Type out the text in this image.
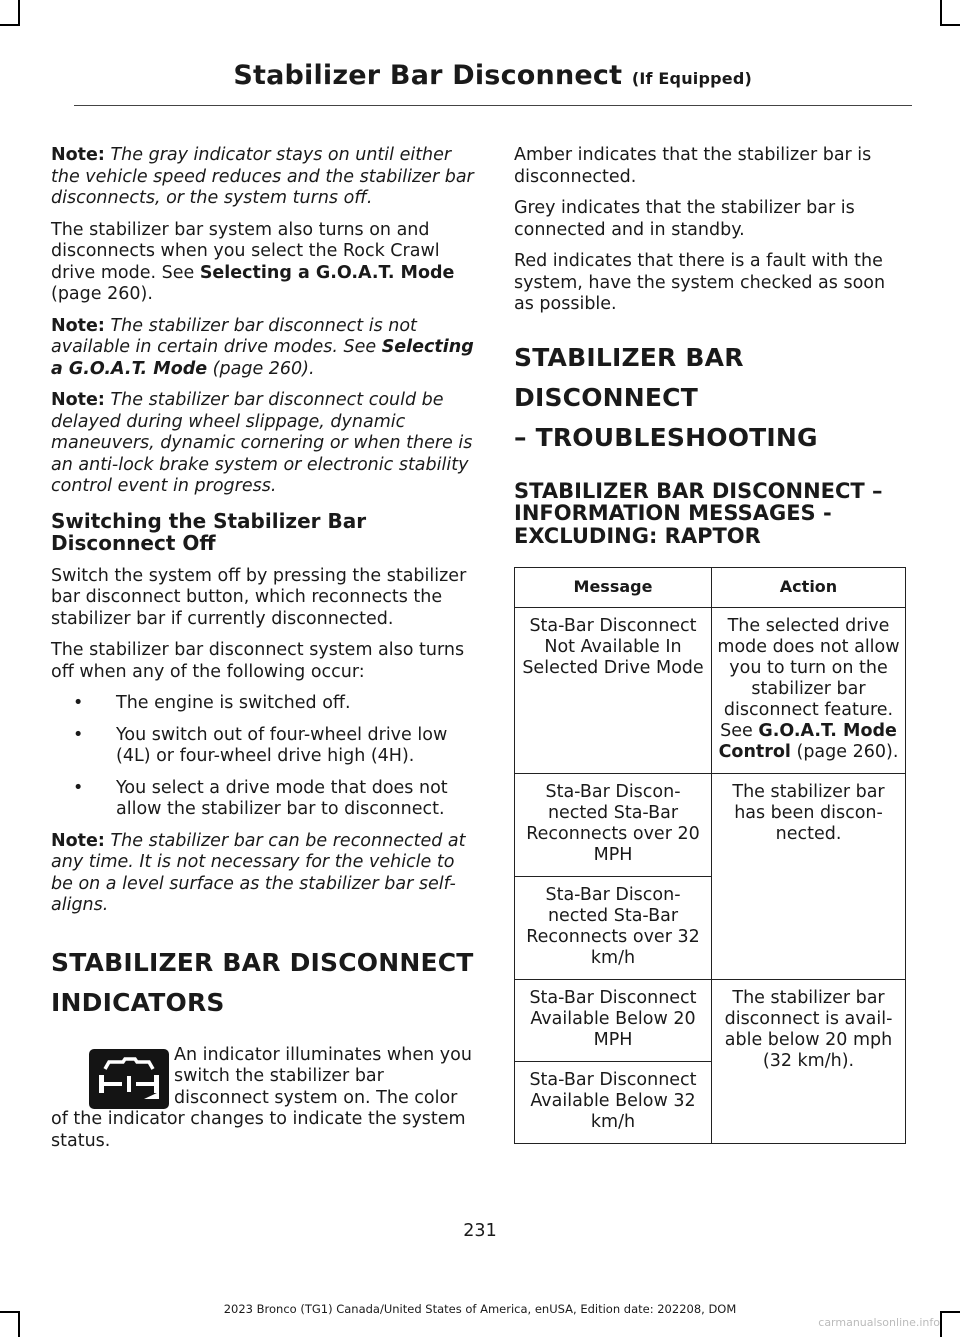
Stabilizer Bar Disconnect (If Equipped)

Note: The gray indicator stays on until either the vehicle speed reduces and the stabilizer bar disconnects, or the system turns off.

The stabilizer bar system also turns on and disconnects when you select the Rock Crawl drive mode. See Selecting a G.O.A.T. Mode (page 260).

Note: The stabilizer bar disconnect is not available in certain drive modes. See Selecting a G.O.A.T. Mode (page 260).

Note: The stabilizer bar disconnect could be delayed during wheel slippage, dynamic maneuvers, dynamic cornering or when there is an anti-lock brake system or electronic stability control event in progress.

Switching the Stabilizer Bar Disconnect Off

Switch the system off by pressing the stabilizer bar disconnect button, which reconnects the stabilizer bar if currently disconnected.

The stabilizer bar disconnect system also turns off when any of the following occur:

• The engine is switched off.
• You switch out of four-wheel drive low (4L) or four-wheel drive high (4H).
• You select a drive mode that does not allow the stabilizer bar to disconnect.

Note: The stabilizer bar can be reconnected at any time. It is not necessary for the vehicle to be on a level surface as the stabilizer bar self-aligns.

STABILIZER BAR DISCONNECT
INDICATORS

An indicator illuminates when you switch the stabilizer bar disconnect system on. The color

of the indicator changes to indicate the system status.

Amber indicates that the stabilizer bar is disconnected.

Grey indicates that the stabilizer bar is connected and in standby.

Red indicates that there is a fault with the system, have the system checked as soon as possible.

STABILIZER BAR DISCONNECT
– TROUBLESHOOTING
STABILIZER BAR DISCONNECT – INFORMATION MESSAGES - EXCLUDING: RAPTOR
Message	Action
Sta-Bar Disconnect Not Available In Selected Drive Mode	The selected drive mode does not allow you to turn on the stabilizer bar disconnect feature. See G.O.A.T. Mode Control (page 260).
Sta-Bar Discon-nected Sta-Bar Reconnects over 20 MPH	The stabilizer bar has been discon-nected.
Sta-Bar Discon-nected Sta-Bar Reconnects over 32 km/h	
Sta-Bar Disconnect Available Below 20 MPH	The stabilizer bar disconnect is avail-able below 20 mph (32 km/h).
Sta-Bar Disconnect Available Below 32 km/h	
231
2023 Bronco (TG1) Canada/United States of America, enUSA, Edition date: 202208, DOM
carmanualsonline.info
